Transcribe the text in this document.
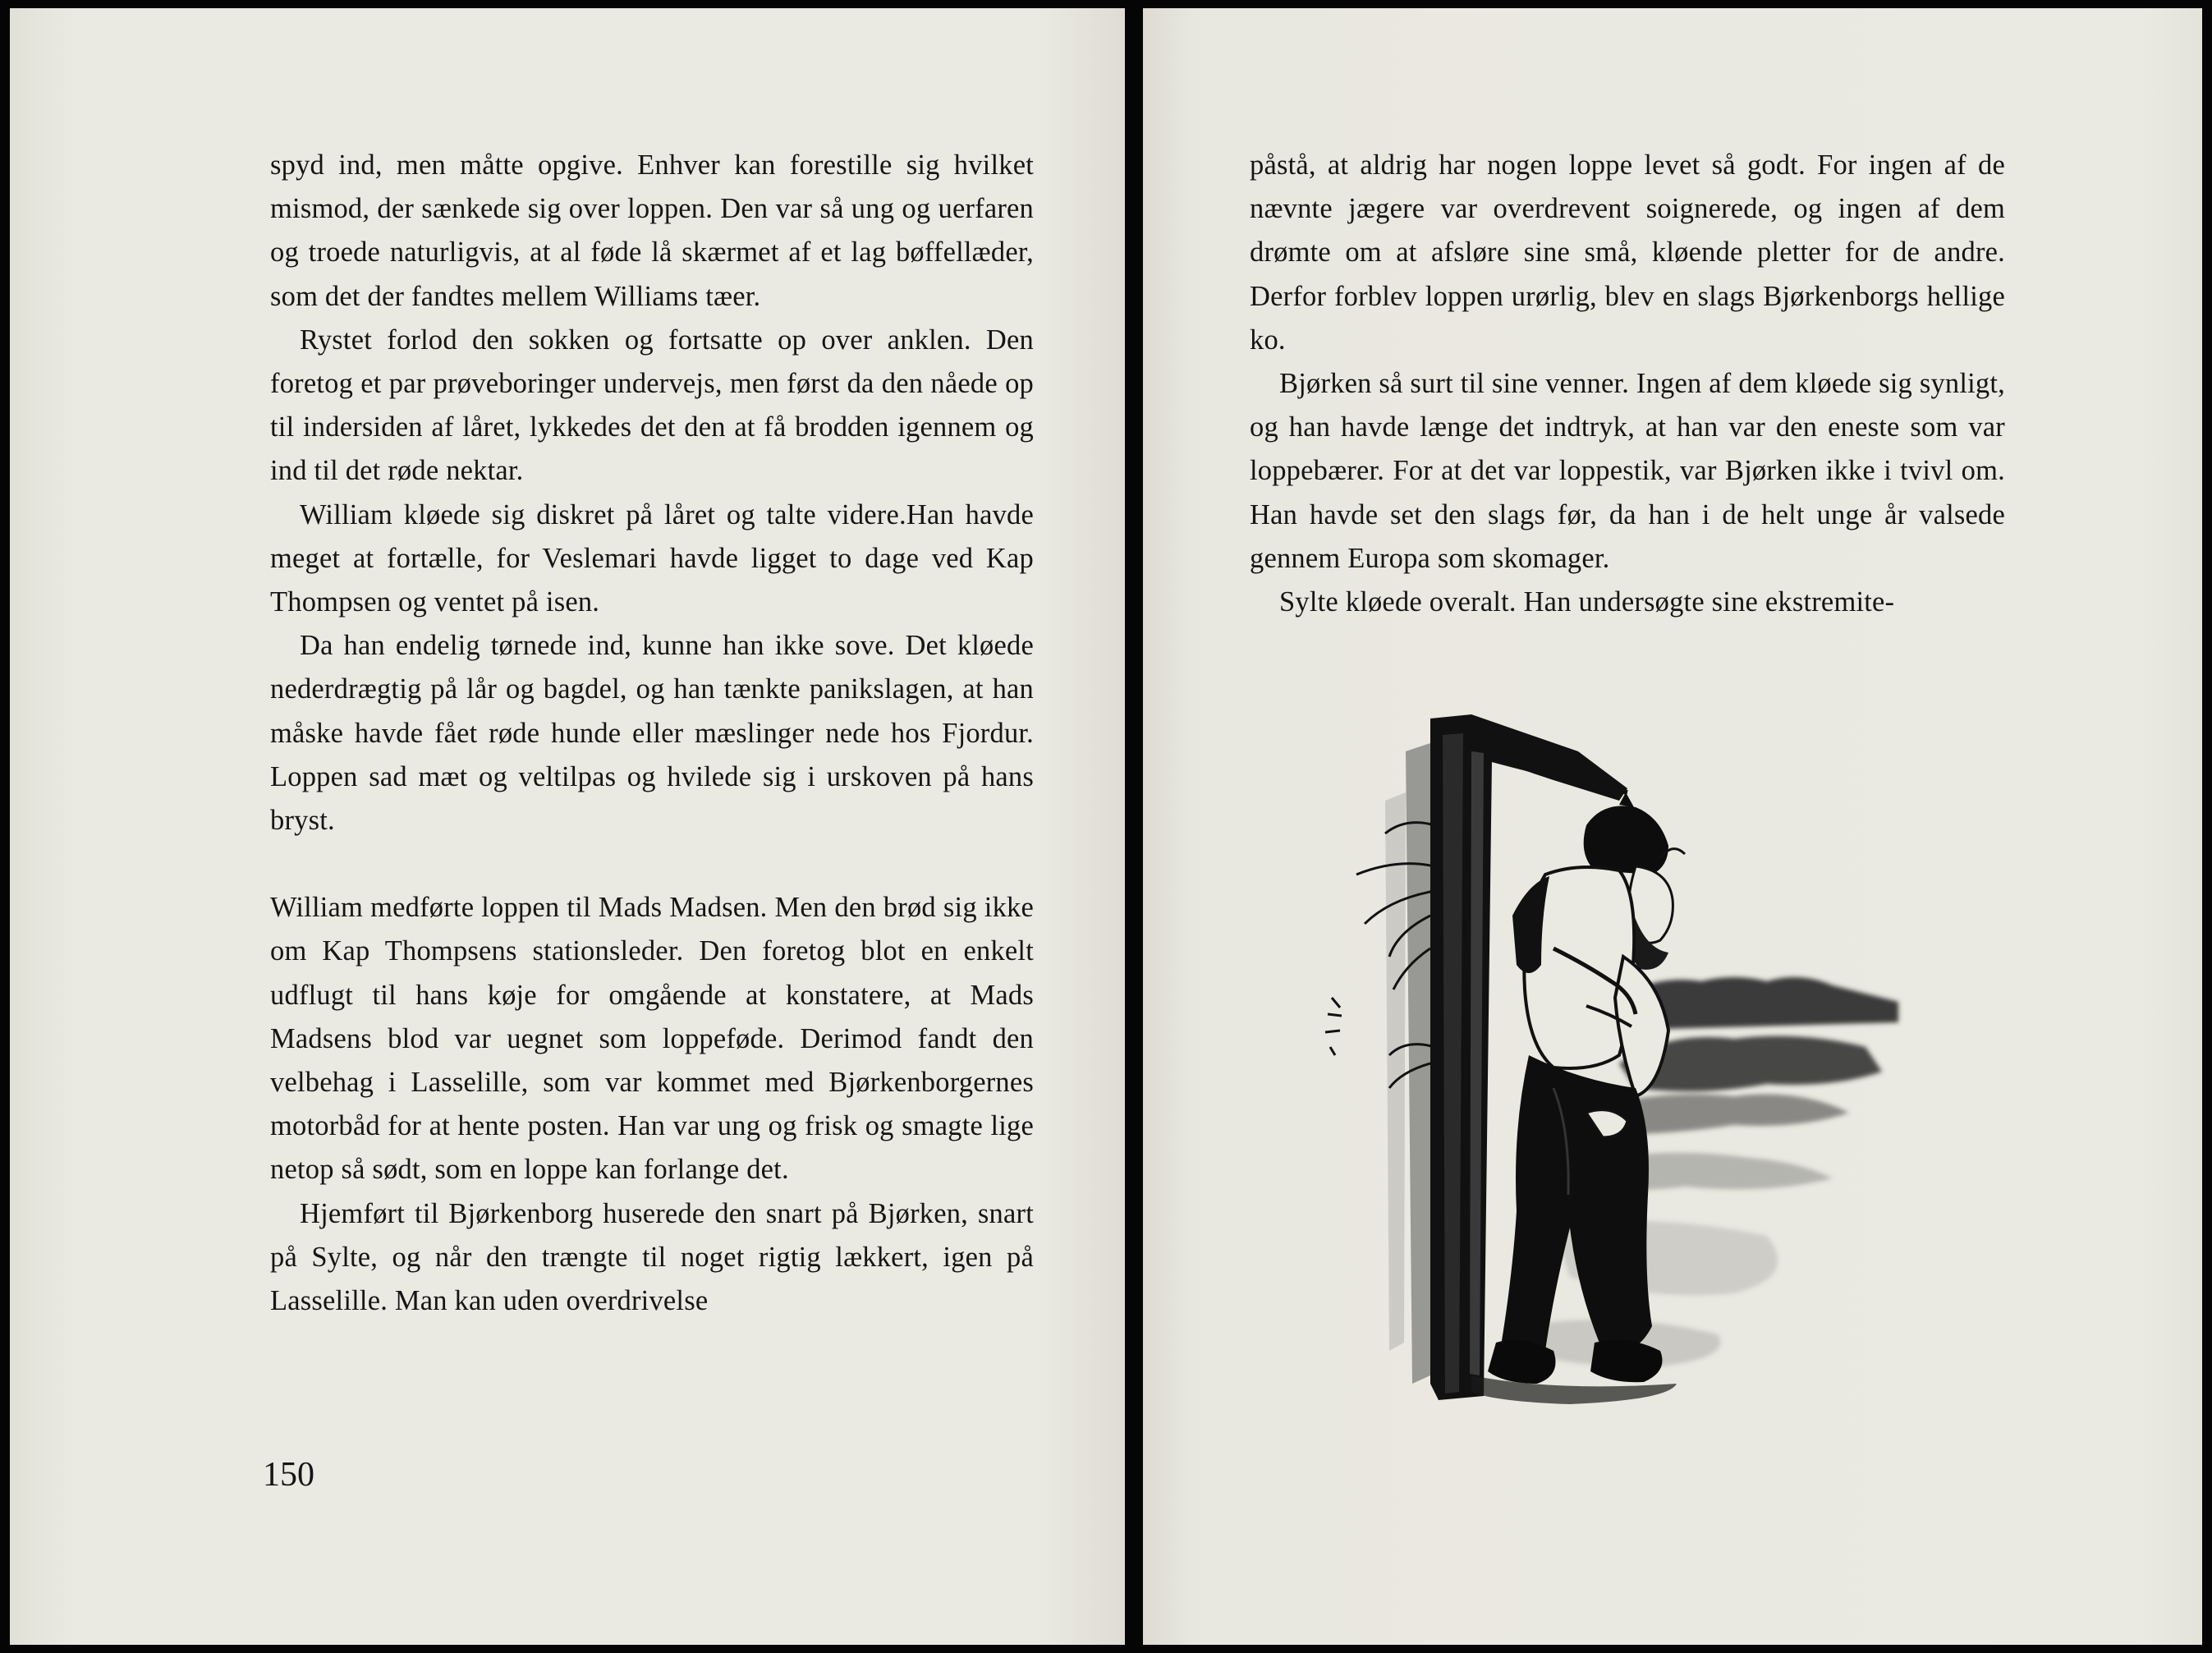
spyd ind, men måtte opgive. Enhver kan forestille sig hvilket mismod, der sænkede sig over loppen. Den var så ung og uerfaren og troede naturligvis, at al føde lå skærmet af et lag bøffellæder, som det der fandtes mellem Williams tæer.

Rystet forlod den sokken og fortsatte op over anklen. Den foretog et par prøveboringer undervejs, men først da den nåede op til indersiden af låret, lykkedes det den at få brodden igennem og ind til det røde nektar.

William kløede sig diskret på låret og talte videre.Han havde meget at fortælle, for Veslemari havde ligget to dage ved Kap Thompsen og ventet på isen.

Da han endelig tørnede ind, kunne han ikke sove. Det kløede nederdrægtig på lår og bagdel, og han tænkte panikslagen, at han måske havde fået røde hunde eller mæslinger nede hos Fjordur. Loppen sad mæt og veltilpas og hvilede sig i urskoven på hans bryst.

William medførte loppen til Mads Madsen. Men den brød sig ikke om Kap Thompsens stationsleder. Den foretog blot en enkelt udflugt til hans køje for omgående at konstatere, at Mads Madsens blod var uegnet som loppeføde. Derimod fandt den velbehag i Lasselille, som var kommet med Bjørkenborgernes motorbåd for at hente posten. Han var ung og frisk og smagte lige netop så sødt, som en loppe kan forlange det.

Hjemført til Bjørkenborg huserede den snart på Bjørken, snart på Sylte, og når den trængte til noget rigtig lækkert, igen på Lasselille. Man kan uden overdrivelse

150

påstå, at aldrig har nogen loppe levet så godt. For ingen af de nævnte jægere var overdrevent soignerede, og ingen af dem drømte om at afsløre sine små, kløende pletter for de andre. Derfor forblev loppen urørlig, blev en slags Bjørkenborgs hellige ko.

Bjørken så surt til sine venner. Ingen af dem kløede sig synligt, og han havde længe det indtryk, at han var den eneste som var loppebærer. For at det var loppestik, var Bjørken ikke i tvivl om. Han havde set den slags før, da han i de helt unge år valsede gennem Europa som skomager.

Sylte kløede overalt. Han undersøgte sine ekstremite-
